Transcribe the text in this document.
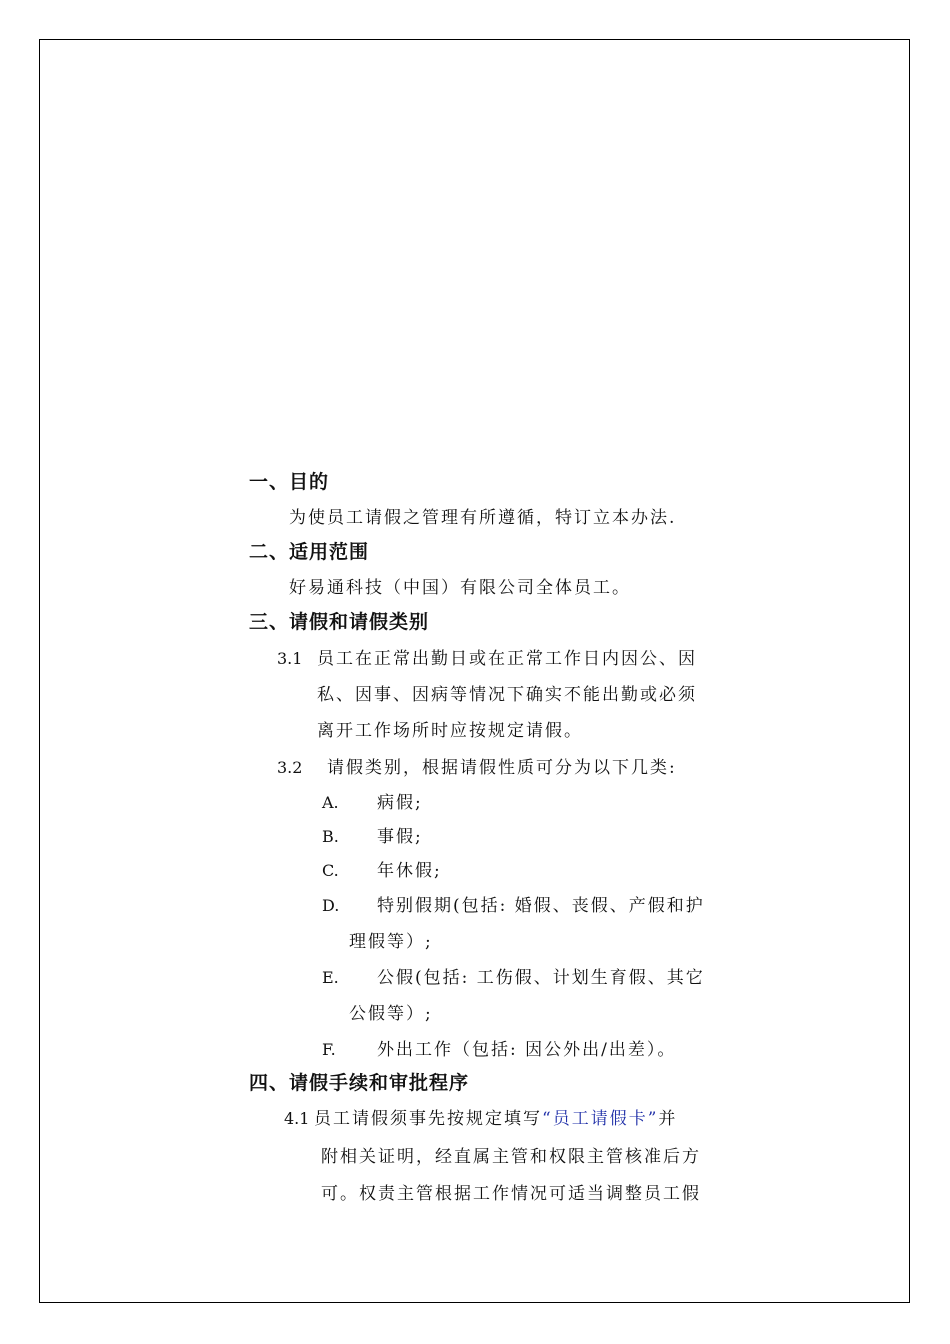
一、目的
为使员工请假之管理有所遵循，特订立本办法.
二、适用范围
好易通科技（中国）有限公司全体员工。
三、请假和请假类别
3.1 员工在正常出勤日或在正常工作日内因公、因
私、因事、因病等情况下确实不能出勤或必须
离开工作场所时应按规定请假。
3.2 请假类别，根据请假性质可分为以下几类:
A. 病假;
B. 事假;
C. 年休假;
D. 特别假期(包括: 婚假、丧假、产假和护
理假等）;
E. 公假(包括: 工伤假、计划生育假、其它
公假等）;
F. 外出工作（包括: 因公外出/出差）。
四、请假手续和审批程序
4.1 员工请假须事先按规定填写“员工请假卡”并
附相关证明，经直属主管和权限主管核准后方
可。权责主管根据工作情况可适当调整员工假
